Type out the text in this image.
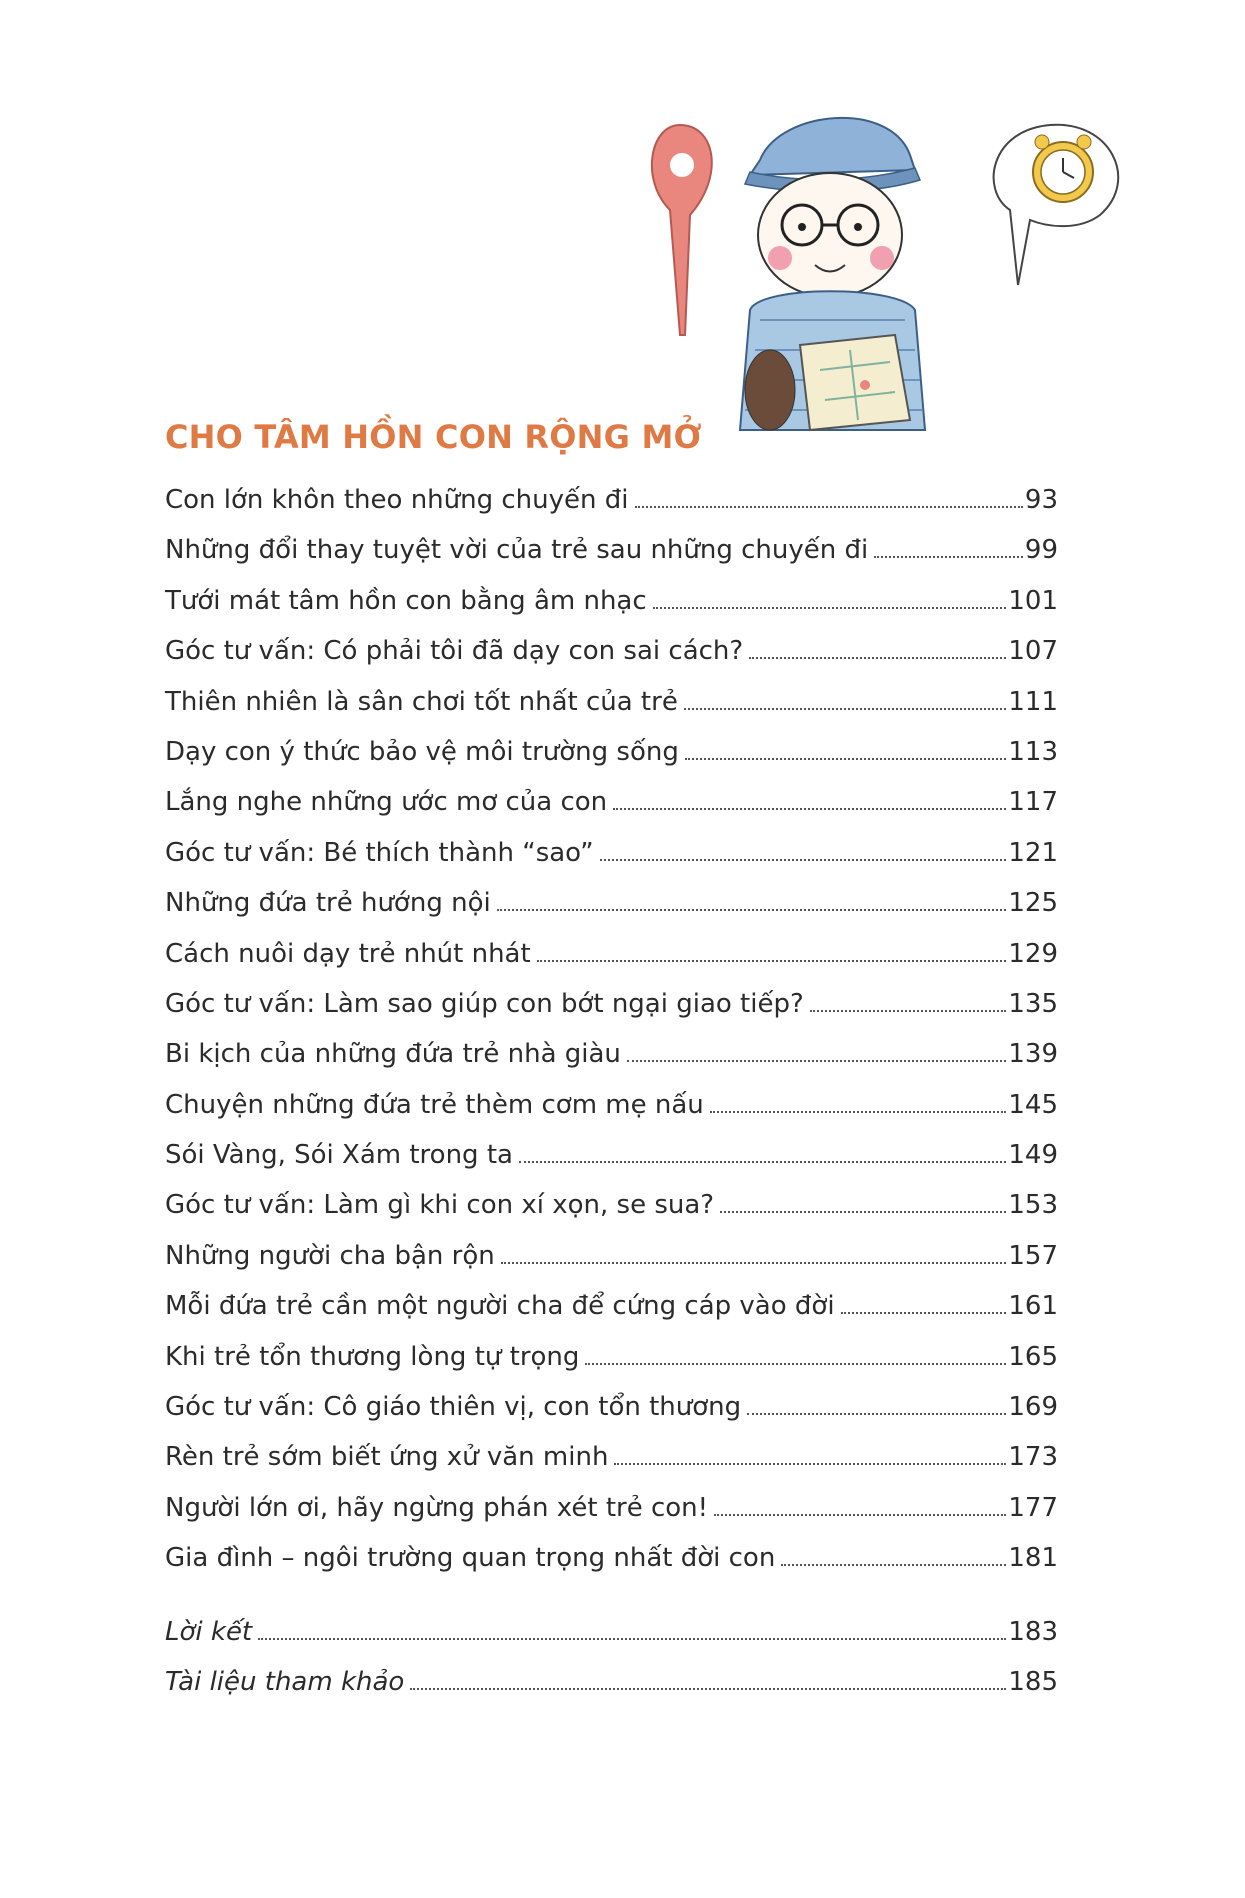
CHO TÂM HỒN CON RỘNG MỞ
Con lớn khôn theo những chuyến đi	93
Những đổi thay tuyệt vời của trẻ sau những chuyến đi	99
Tưới mát tâm hồn con bằng âm nhạc	101
Góc tư vấn: Có phải tôi đã dạy con sai cách?	107
Thiên nhiên là sân chơi tốt nhất của trẻ	111
Dạy con ý thức bảo vệ môi trường sống	113
Lắng nghe những ước mơ của con	117
Góc tư vấn: Bé thích thành “sao”	121
Những đứa trẻ hướng nội	125
Cách nuôi dạy trẻ nhút nhát	129
Góc tư vấn: Làm sao giúp con bớt ngại giao tiếp?	135
Bi kịch của những đứa trẻ nhà giàu	139
Chuyện những đứa trẻ thèm cơm mẹ nấu	145
Sói Vàng, Sói Xám trong ta	149
Góc tư vấn: Làm gì khi con xí xọn, se sua?	153
Những người cha bận rộn	157
Mỗi đứa trẻ cần một người cha để cứng cáp vào đời	161
Khi trẻ tổn thương lòng tự trọng	165
Góc tư vấn: Cô giáo thiên vị, con tổn thương	169
Rèn trẻ sớm biết ứng xử văn minh	173
Người lớn ơi, hãy ngừng phán xét trẻ con!	177
Gia đình – ngôi trường quan trọng nhất đời con	181
Lời kết	183
Tài liệu tham khảo	185
